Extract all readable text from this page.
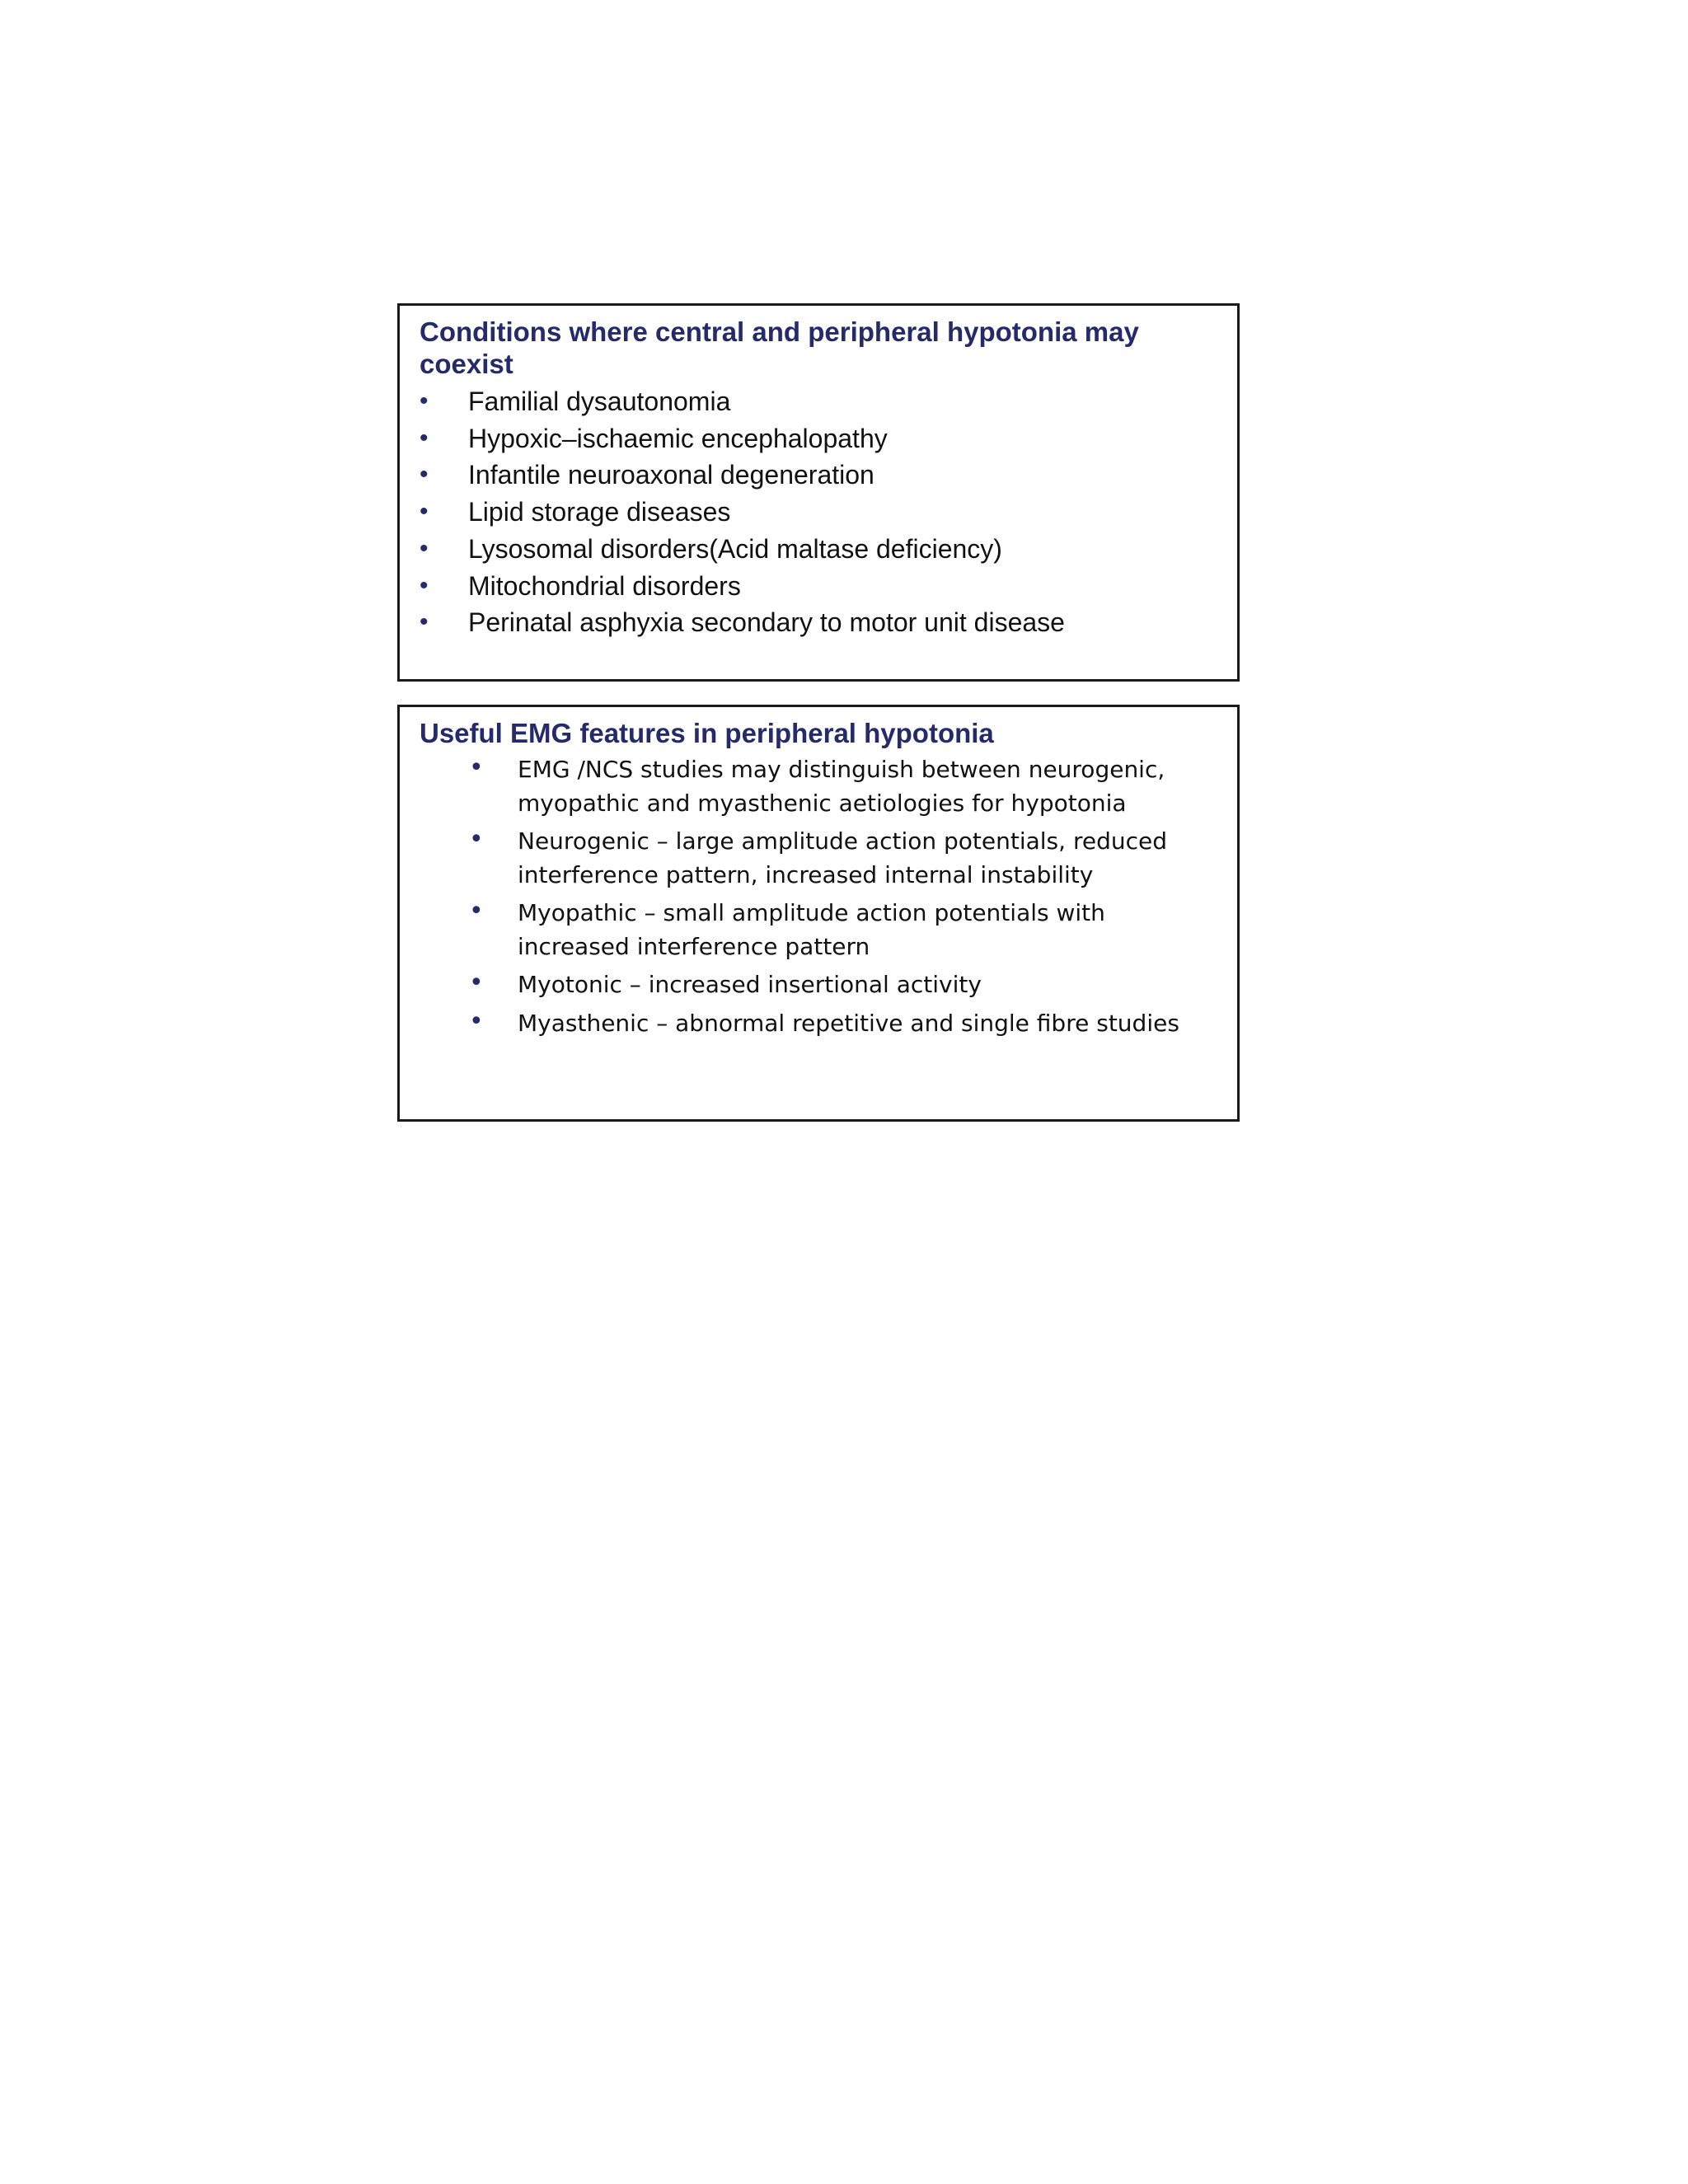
Conditions where central and peripheral hypotonia may coexist
• Familial dysautonomia
• Hypoxic–ischaemic encephalopathy
• Infantile neuroaxonal degeneration
• Lipid storage diseases
• Lysosomal disorders(Acid maltase deficiency)
• Mitochondrial disorders
• Perinatal asphyxia secondary to motor unit disease
Useful EMG features in peripheral hypotonia
• EMG /NCS studies may distinguish between neurogenic, myopathic and myasthenic aetiologies for hypotonia
• Neurogenic – large amplitude action potentials, reduced interference pattern, increased internal instability
• Myopathic – small amplitude action potentials with increased interference pattern
• Myotonic – increased insertional activity
• Myasthenic – abnormal repetitive and single fibre studies
